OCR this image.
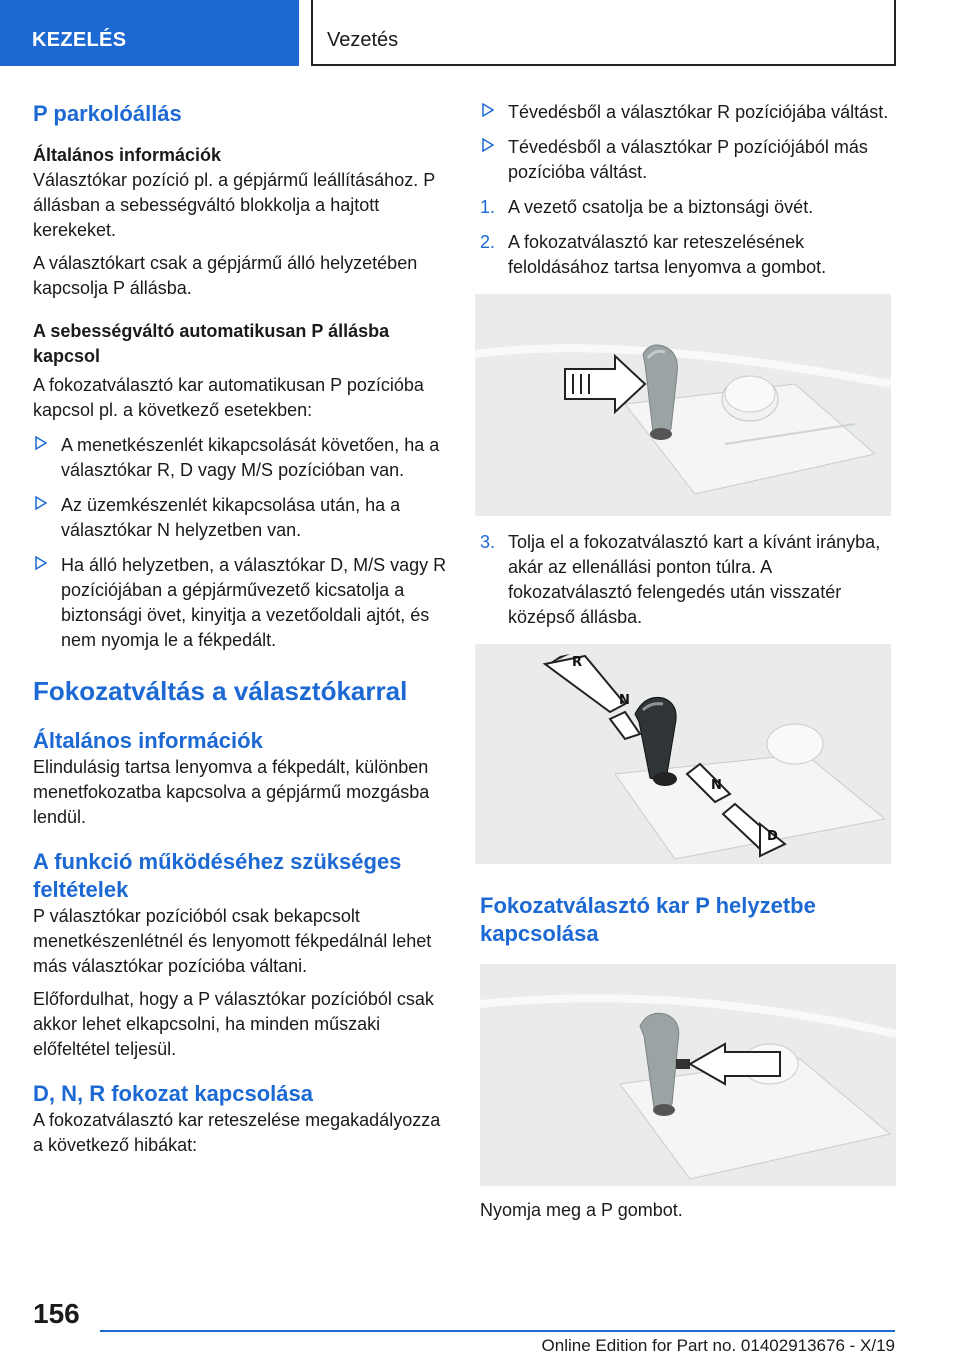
KEZELÉS	Vezetés
P parkolóállás
Általános információk

Választókar pozíció pl. a gépjármű leállításához. P állásban a sebességváltó blokkolja a hajtott kerekeket.

A választókart csak a gépjármű álló helyzetében kapcsolja P állásba.

A sebességváltó automatikusan P állásba kapcsol

A fokozatválasztó kar automatikusan P pozícióba kapcsol pl. a következő esetekben:

A menetkészenlét kikapcsolását követően, ha a választókar R, D vagy M/S pozícióban van.
Az üzemkészenlét kikapcsolása után, ha a választókar N helyzetben van.
Ha álló helyzetben, a választókar D, M/S vagy R pozíciójában a gépjárművezető kicsatolja a biztonsági övet, kinyitja a vezetőoldali ajtót, és nem nyomja le a fékpedált.
Fokozatváltás a választókarral
Általános információk

Elindulásig tartsa lenyomva a fékpedált, különben menetfokozatba kapcsolva a gépjármű mozgásba lendül.

A funkció működéséhez szükséges feltételek

P választókar pozícióból csak bekapcsolt menetkészenlétnél és lenyomott fékpedálnál lehet más választókar pozícióba váltani.

Előfordulhat, hogy a P választókar pozícióból csak akkor lehet elkapcsolni, ha minden műszaki előfeltétel teljesül.

D, N, R fokozat kapcsolása

A fokozatválasztó kar reteszelése megakadályozza a következő hibákat:

Tévedésből a választókar R pozíciójába váltást.
Tévedésből a választókar P pozíciójából más pozícióba váltást.
1. A vezető csatolja be a biztonsági övét.
2. A fokozatválasztó kar reteszelésének feloldásához tartsa lenyomva a gombot.
3. Tolja el a fokozatválasztó kart a kívánt irányba, akár az ellenállási ponton túlra. A fokozatválasztó felengedés után visszatér középső állásba.
R
N
N
D
Fokozatválasztó kar P helyzetbe kapcsolása

Nyomja meg a P gombot.

156
Online Edition for Part no. 01402913676 - X/19
